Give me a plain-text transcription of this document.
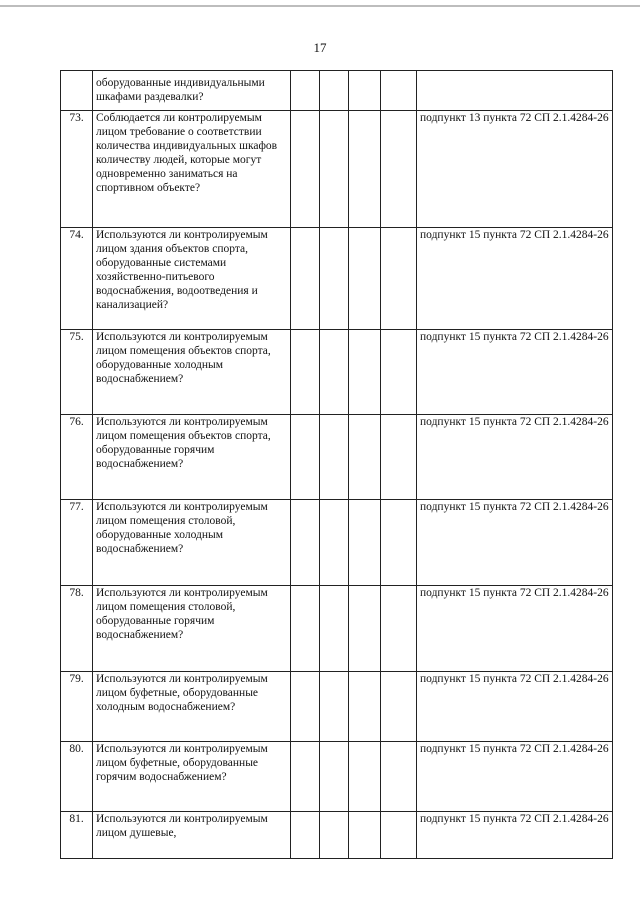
17
	оборудованные индивидуальными шкафами раздевалки?					
73.	Соблюдается ли контролируемым лицом требование о соответствии количества индивидуальных шкафов количеству людей, которые могут одновременно заниматься на спортивном объекте?					подпункт 13 пункта 72 СП 2.1.4284-26
74.	Используются ли контролируемым лицом здания объектов спорта, оборудованные системами хозяйственно-питьевого водоснабжения, водоотведения и канализацией?					подпункт 15 пункта 72 СП 2.1.4284-26
75.	Используются ли контролируемым лицом помещения объектов спорта, оборудованные холодным водоснабжением?					подпункт 15 пункта 72 СП 2.1.4284-26
76.	Используются ли контролируемым лицом помещения объектов спорта, оборудованные горячим водоснабжением?					подпункт 15 пункта 72 СП 2.1.4284-26
77.	Используются ли контролируемым лицом помещения столовой, оборудованные холодным водоснабжением?					подпункт 15 пункта 72 СП 2.1.4284-26
78.	Используются ли контролируемым лицом помещения столовой, оборудованные горячим водоснабжением?					подпункт 15 пункта 72 СП 2.1.4284-26
79.	Используются ли контролируемым лицом буфетные, оборудованные холодным водоснабжением?					подпункт 15 пункта 72 СП 2.1.4284-26
80.	Используются ли контролируемым лицом буфетные, оборудованные горячим водоснабжением?					подпункт 15 пункта 72 СП 2.1.4284-26
81.	Используются ли контролируемым лицом душевые,					подпункт 15 пункта 72 СП 2.1.4284-26
